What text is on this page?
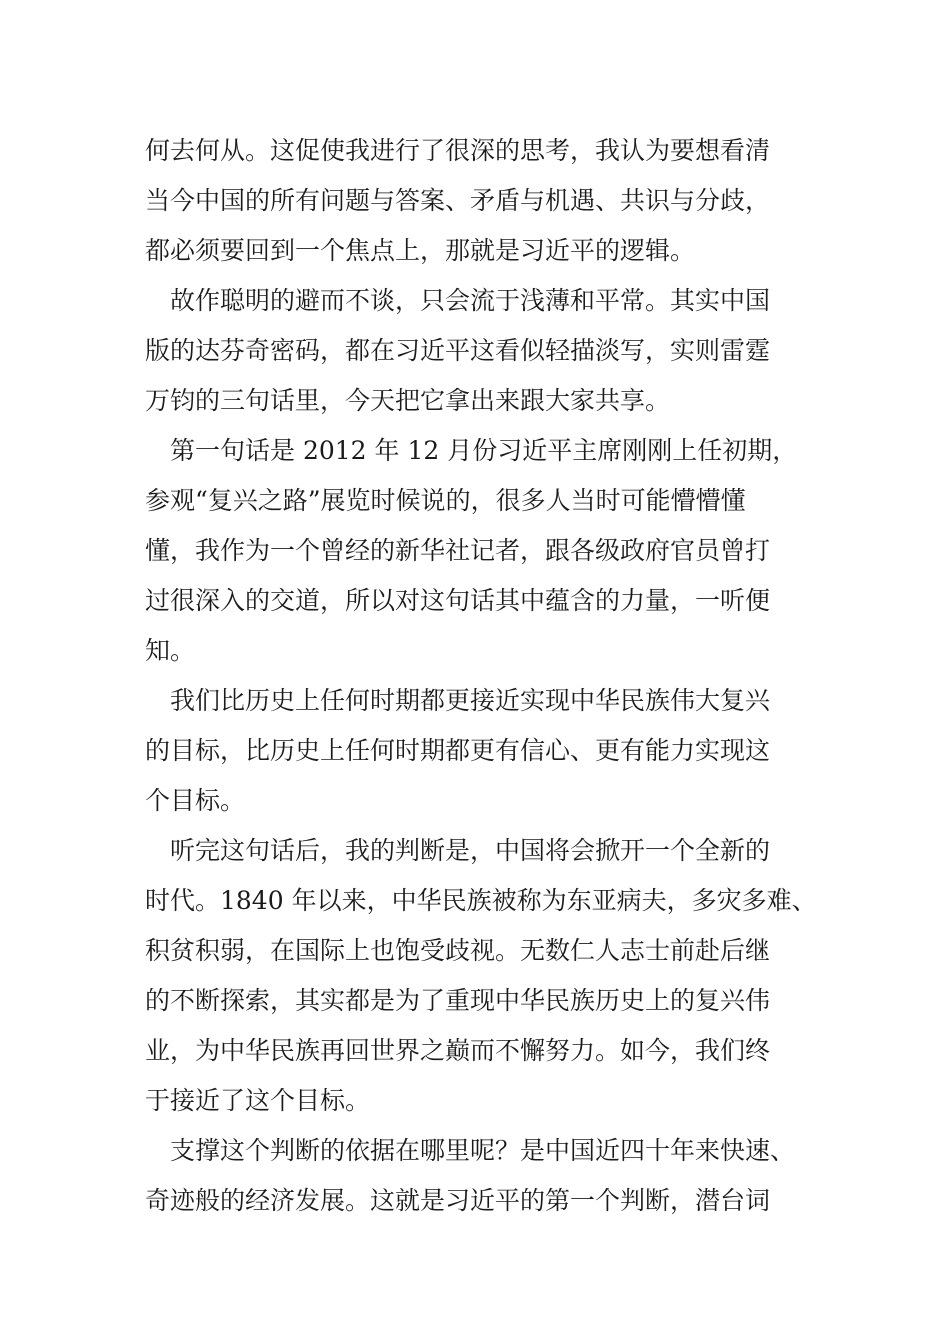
何去何从。这促使我进行了很深的思考，我认为要想看清
当今中国的所有问题与答案、矛盾与机遇、共识与分歧，
都必须要回到一个焦点上，那就是习近平的逻辑。
　故作聪明的避而不谈，只会流于浅薄和平常。其实中国
版的达芬奇密码，都在习近平这看似轻描淡写，实则雷霆
万钧的三句话里，今天把它拿出来跟大家共享。
　第一句话是 2012 年 12 月份习近平主席刚刚上任初期，
参观“复兴之路”展览时候说的，很多人当时可能懵懵懂
懂，我作为一个曾经的新华社记者，跟各级政府官员曾打
过很深入的交道，所以对这句话其中蕴含的力量，一听便
知。
　我们比历史上任何时期都更接近实现中华民族伟大复兴
的目标，比历史上任何时期都更有信心、更有能力实现这
个目标。
　听完这句话后，我的判断是，中国将会掀开一个全新的
时代。1840 年以来，中华民族被称为东亚病夫，多灾多难、
积贫积弱，在国际上也饱受歧视。无数仁人志士前赴后继
的不断探索，其实都是为了重现中华民族历史上的复兴伟
业，为中华民族再回世界之巅而不懈努力。如今，我们终
于接近了这个目标。
　支撑这个判断的依据在哪里呢？是中国近四十年来快速、
奇迹般的经济发展。这就是习近平的第一个判断，潜台词
